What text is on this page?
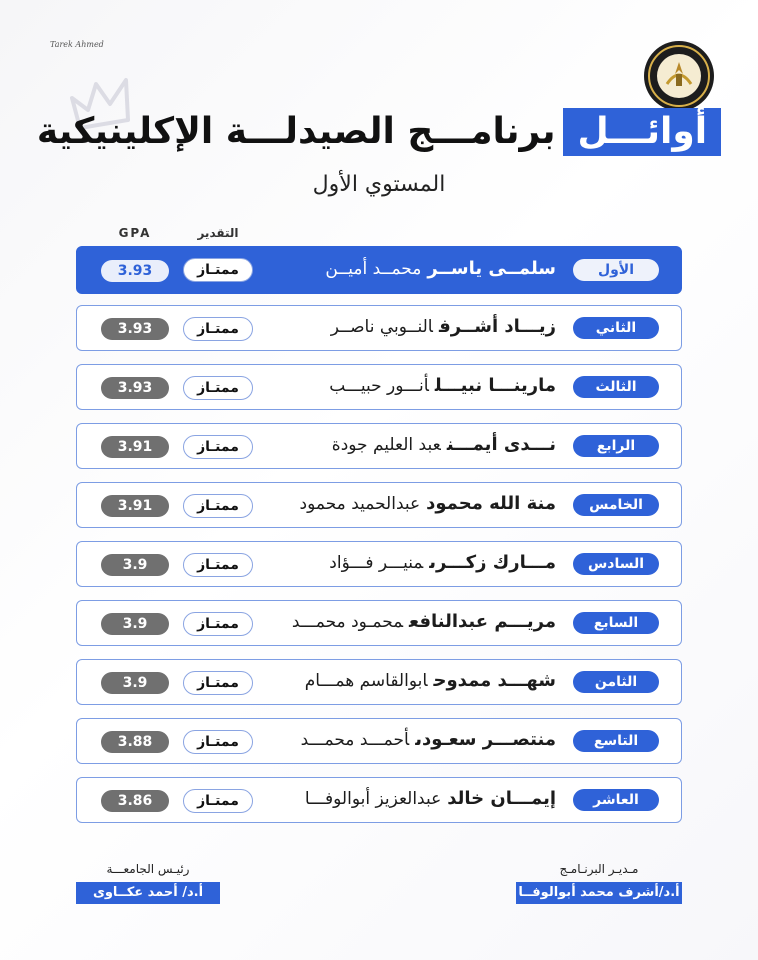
Tarek Ahmed
أوائـــلبرنامـــج الصيدلـــة الإكلينيكية
المستوي الأول
التقدير
GPA
الأول
سلمــى ياســرمحمــد أميــن
ممتـاز
3.93
الثاني
زيـــاد أشــرفالنــوبي ناصــر
ممتـاز
3.93
الثالث
مارينـــا نبيـــلأنـــور حبيـــب
ممتـاز
3.93
الرابع
نـــدى أيمـــنعبد العليم جودة
ممتـاز
3.91
الخامس
منة الله محمودعبدالحميد محمود
ممتـاز
3.91
السادس
مـــارك زكـــرىمنيـــر فـــؤاد
ممتـاز
3.9
السابع
مريـــم عبدالنافعمحمـود محمـــد
ممتـاز
3.9
الثامن
شهـــد ممدوحابوالقاسم همـــام
ممتـاز
3.9
التاسع
منتصـــر سعـودىأحمـــد محمـــد
ممتـاز
3.88
العاشر
إيمـــان خالدعبدالعزيز أبوالوفـــا
ممتـاز
3.86
رئيـس الجامعـــة
أ.د/ أحمد عكــاوى
مـديـر البرنـامـج
أ.د/أشرف محمد أبوالوفــا
